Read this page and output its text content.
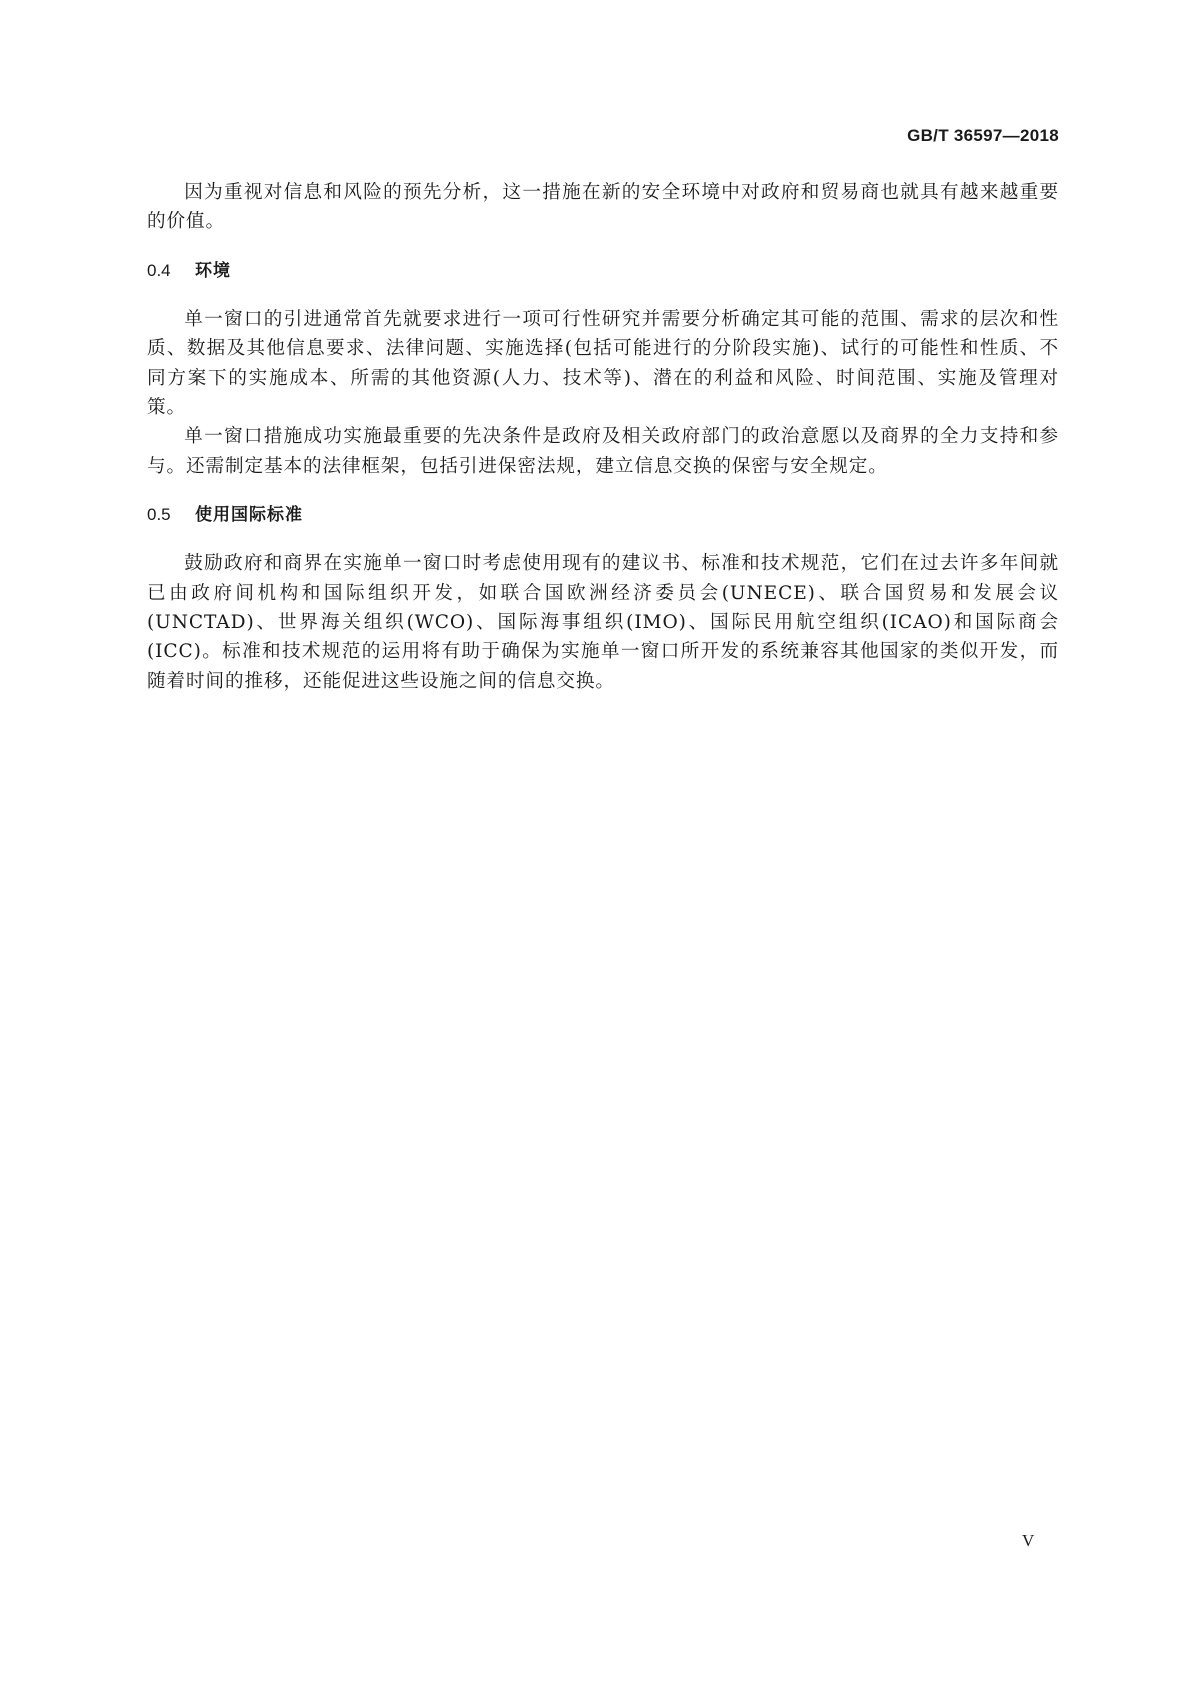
GB/T 36597—2018

因为重视对信息和风险的预先分析，这一措施在新的安全环境中对政府和贸易商也就具有越来越重要的价值。

0.4	环境

单一窗口的引进通常首先就要求进行一项可行性研究并需要分析确定其可能的范围、需求的层次和性质、数据及其他信息要求、法律问题、实施选择(包括可能进行的分阶段实施)、试行的可能性和性质、不同方案下的实施成本、所需的其他资源(人力、技术等)、潜在的利益和风险、时间范围、实施及管理对策。

单一窗口措施成功实施最重要的先决条件是政府及相关政府部门的政治意愿以及商界的全力支持和参与。还需制定基本的法律框架，包括引进保密法规，建立信息交换的保密与安全规定。

0.5	使用国际标准

鼓励政府和商界在实施单一窗口时考虑使用现有的建议书、标准和技术规范，它们在过去许多年间就已由政府间机构和国际组织开发，如联合国欧洲经济委员会(UNECE)、联合国贸易和发展会议(UNCTAD)、世界海关组织(WCO)、国际海事组织(IMO)、国际民用航空组织(ICAO)和国际商会(ICC)。标准和技术规范的运用将有助于确保为实施单一窗口所开发的系统兼容其他国家的类似开发，而随着时间的推移，还能促进这些设施之间的信息交换。

V
